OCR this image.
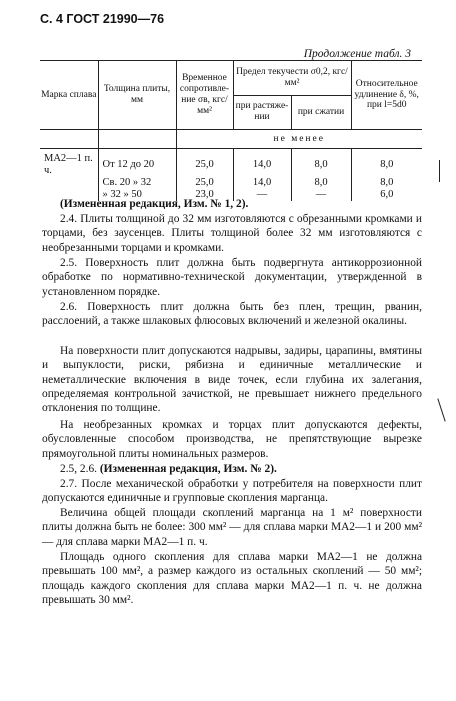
С. 4 ГОСТ 21990—76
Продолжение табл. 3
Марка сплава	Толщина плиты, мм	Временное сопротивление σв, кгс/мм²	Предел текучести σ0,2, кгс/мм²		Относительное удлинение δ, %, при l=5d0
			при растяжении	при сжатии	
		не менее			
МА2—1 п. ч.	От 12 до 20	25,0	14,0	8,0	8,0
	Св. 20 » 32	25,0	14,0	8,0	8,0
	» 32 » 50	23,0	—	—	6,0

(Измененная редакция, Изм. № 1, 2).

2.4. Плиты толщиной до 32 мм изготовляются с обрезанными кромками и торцами, без заусенцев. Плиты толщиной более 32 мм изготовляются с необрезанными торцами и кромками.

2.5. Поверхность плит должна быть подвергнута антикоррозионной обработке по нормативно-технической документации, утвержденной в установленном порядке.

2.6. Поверхность плит должна быть без плен, трещин, рванин, расслоений, а также шлаковых флюсовых включений и железной окалины.

На поверхности плит допускаются надрывы, задиры, царапины, вмятины и выпуклости, риски, рябизна и единичные металлические и неметаллические включения в виде точек, если глубина их залегания, определяемая контрольной зачисткой, не превышает нижнего предельного отклонения по толщине.

На необрезанных кромках и торцах плит допускаются дефекты, обусловленные способом производства, не препятствующие вырезке прямоугольной плиты номинальных размеров.

2.5, 2.6. (Измененная редакция, Изм. № 2).

2.7. После механической обработки у потребителя на поверхности плит допускаются единичные и групповые скопления марганца.

Величина общей площади скоплений марганца на 1 м² поверхности плиты должна быть не более: 300 мм² — для сплава марки МА2—1 и 200 мм² — для сплава марки МА2—1 п. ч.

Площадь одного скопления для сплава марки МА2—1 не должна превышать 100 мм², а размер каждого из остальных скоплений — 50 мм²; площадь каждого скопления для сплава марки МА2—1 п. ч. не должна превышать 30 мм².
